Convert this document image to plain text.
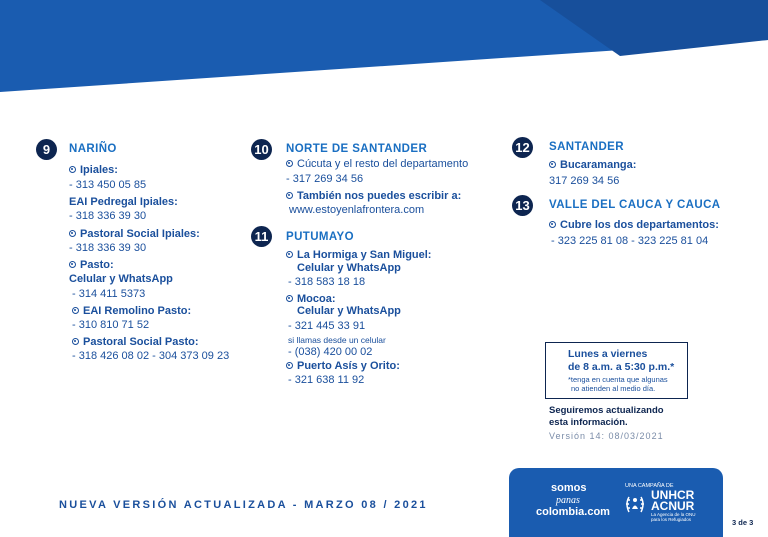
9	NARIÑO
Ipiales:
- 313 450 05 85
EAI Pedregal Ipiales:
- 318 336 39 30
Pastoral Social Ipiales:
- 318 336 39 30
Pasto:
Celular y WhatsApp
- 314 411 5373
EAI Remolino Pasto:
- 310 810 71 52
Pastoral Social Pasto:
- 318 426 08 02 - 304 373 09 23
10 NORTE DE SANTANDER
Cúcuta y el resto del departamento
- 317 269 34 56
También nos puedes escribir a:
www.estoyenlafrontera.com
11	PUTUMAYO
La Hormiga y San Miguel:
Celular y WhatsApp
- 318 583 18 18
Mocoa:
Celular y WhatsApp
- 321 445 33 91
si llamas desde un celular
- (038) 420 00 02
Puerto Asís y Orito:
- 321 638 11 92
12 SANTANDER
Bucaramanga:
317 269 34 56
13 VALLE DEL CAUCA Y CAUCA
Cubre los dos departamentos:
- 323 225 81 08 - 323 225 81 04
Lunes a viernes
de 8 a.m. a 5:30 p.m.*
*tenga en cuenta que algunas
no atienden al medio día.
Seguiremos actualizando
esta información.
Versión 14: 08/03/2021
NUEVA VERSIÓN ACTUALIZADA - MARZO 08 / 2021
somos
panas
colombia.com
UNA CAMPAÑA DE
UNHCR
ACNUR
La Agencia de la ONU
para los Refugiados	3 de 3
